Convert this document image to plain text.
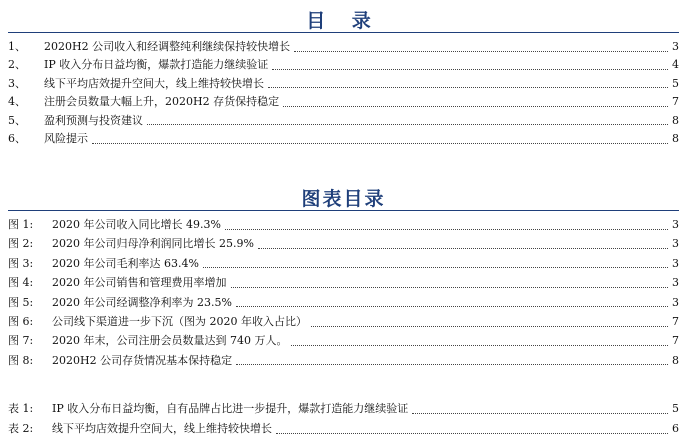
目 录
1、	2020H2 公司收入和经调整纯利继续保持较快增长	3
2、	IP 收入分布日益均衡，爆款打造能力继续验证	4
3、	线下平均店效提升空间大，线上维持较快增长	5
4、	注册会员数量大幅上升，2020H2 存货保持稳定	7
5、	盈利预测与投资建议	8
6、	风险提示	8
图表目录
图 1:	2020 年公司收入同比增长 49.3%	3
图 2:	2020 年公司归母净利润同比增长 25.9%	3
图 3:	2020 年公司毛利率达 63.4%	3
图 4:	2020 年公司销售和管理费用率增加	3
图 5:	2020 年公司经调整净利率为 23.5%	3
图 6:	公司线下渠道进一步下沉（图为 2020 年收入占比）	7
图 7:	2020 年末，公司注册会员数量达到 740 万人。	7
图 8:	2020H2 公司存货情况基本保持稳定	8
表 1:	IP 收入分布日益均衡，自有品牌占比进一步提升，爆款打造能力继续验证	5
表 2:	线下平均店效提升空间大，线上维持较快增长	6
